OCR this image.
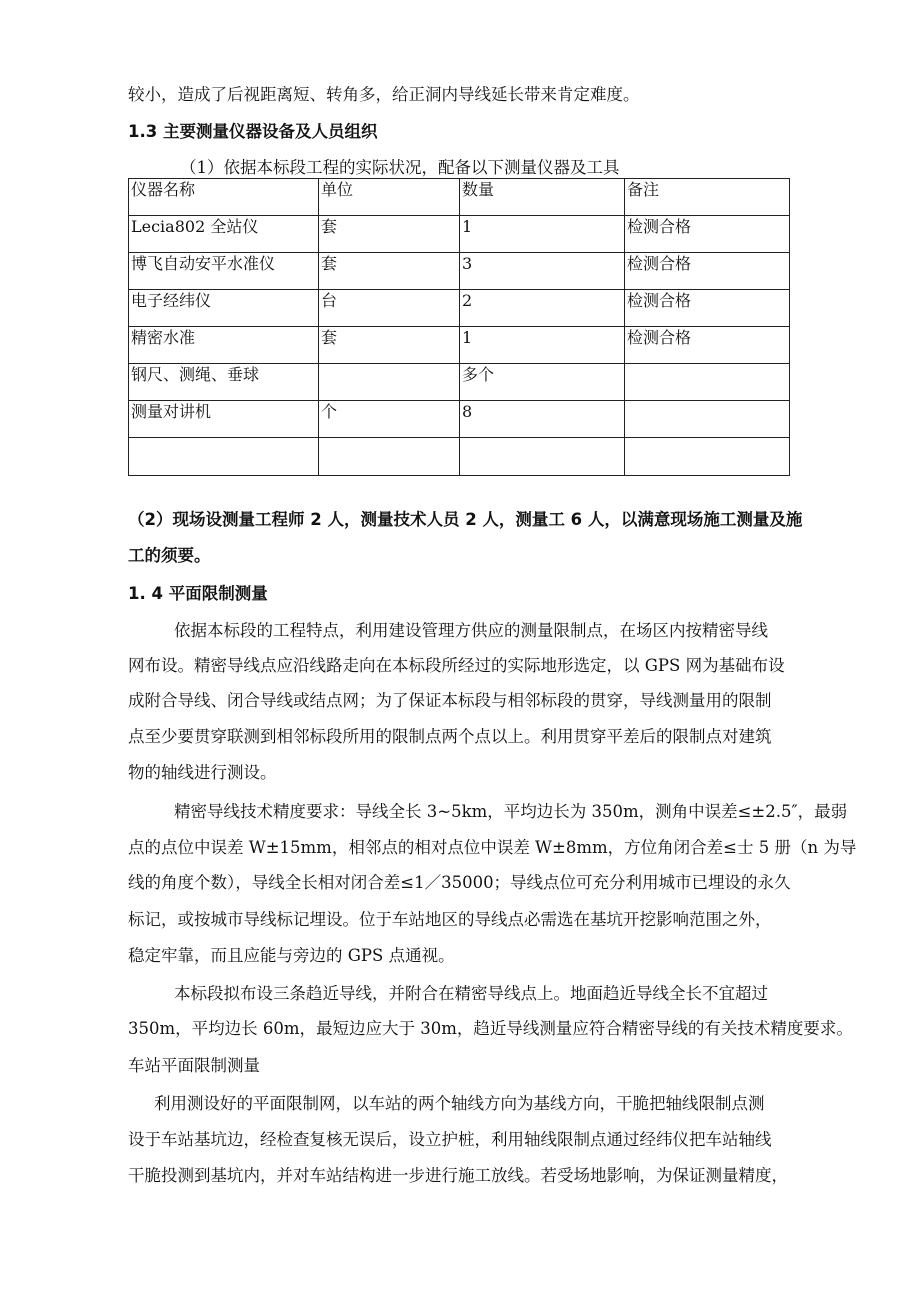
较小，造成了后视距离短、转角多，给正洞内导线延长带来肯定难度。
1.3 主要测量仪器设备及人员组织
（1）依据本标段工程的实际状况，配备以下测量仪器及工具
仪器名称	单位	数量	备注
Lecia802 全站仪	套	1	检测合格
博飞自动安平水准仪	套	3	检测合格
电子经纬仪	台	2	检测合格
精密水准	套	1	检测合格
钢尺、测绳、垂球		多个	
测量对讲机	个	8	

（2）现场设测量工程师 2 人，测量技术人员 2 人，测量工 6 人，以满意现场施工测量及施
工的须要。
1. 4 平面限制测量
依据本标段的工程特点，利用建设管理方供应的测量限制点，在场区内按精密导线
网布设。精密导线点应沿线路走向在本标段所经过的实际地形选定，以 GPS 网为基础布设
成附合导线、闭合导线或结点网；为了保证本标段与相邻标段的贯穿，导线测量用的限制
点至少要贯穿联测到相邻标段所用的限制点两个点以上。利用贯穿平差后的限制点对建筑
物的轴线进行测设。
精密导线技术精度要求：导线全长 3~5km，平均边长为 350m，测角中误差≤±2.5″，最弱
点的点位中误差 W±15mm，相邻点的相对点位中误差 W±8mm，方位角闭合差≤士 5 册（n 为导
线的角度个数），导线全长相对闭合差≤1／35000；导线点位可充分利用城市已埋设的永久
标记，或按城市导线标记埋设。位于车站地区的导线点必需选在基坑开挖影响范围之外，
稳定牢靠，而且应能与旁边的 GPS 点通视。
本标段拟布设三条趋近导线，并附合在精密导线点上。地面趋近导线全长不宜超过
350m，平均边长 60m，最短边应大于 30m，趋近导线测量应符合精密导线的有关技术精度要求。
车站平面限制测量
利用测设好的平面限制网，以车站的两个轴线方向为基线方向，干脆把轴线限制点测
设于车站基坑边，经检查复核无误后，设立护桩，利用轴线限制点通过经纬仪把车站轴线
干脆投测到基坑内，并对车站结构进一步进行施工放线。若受场地影响，为保证测量精度，
